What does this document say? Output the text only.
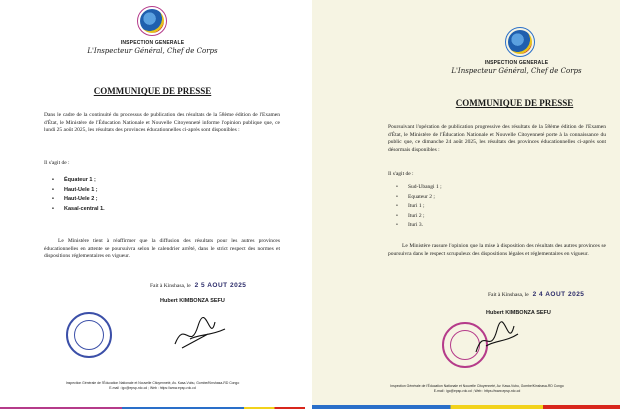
INSPECTION GENERALE
L'Inspecteur Général, Chef de Corps
COMMUNIQUE DE PRESSE
Dans le cadre de la continuité du processus de publication des résultats de la 58ème édition de l'Examen d'État, le Ministère de l'Éducation Nationale et Nouvelle Citoyenneté informe l'opinion publique que, ce lundi 25 août 2025, les résultats des provinces éducationnelles ci-après sont disponibles :
Il s'agit de :
• Équateur 1 ;
• Haut-Uele 1 ;
• Haut-Uele 2 ;
• Kasaï-central 1.
Le Ministère tient à réaffirmer que la diffusion des résultats pour les autres provinces éducationnelles en attente se poursuivra selon le calendrier arrêté, dans le strict respect des normes et dispositions réglementaires en vigueur.
Fait à Kinshasa, le 2 5 AOUT 2025
Hubert KIMBONZA SEFU
Inspection Générale de l'Éducation Nationale et Nouvelle Citoyenneté, Av. Kasa-Vubu, Gombe/Kinshasa-RD Congo
E-mail : igc@epsp-rdc.cd ; Web : https://www.epsp-rdc.cd
INSPECTION GENERALE
L'Inspecteur Général, Chef de Corps
COMMUNIQUE DE PRESSE
Poursuivant l'opération de publication progressive des résultats de la 58ème édition de l'Examen d'État, le Ministère de l'Éducation Nationale et Nouvelle Citoyenneté porte à la connaissance du public que, ce dimanche 24 août 2025, les résultats des provinces éducationnelles ci-après sont désormais disponibles :
Il s'agit de :
• Sud-Ubangi 1 ;
• Equateur 2 ;
• Ituri 1 ;
• Ituri 2 ;
• Ituri 3.
Le Ministère rassure l'opinion que la mise à disposition des résultats des autres provinces se poursuivra dans le respect scrupuleux des dispositions légales et réglementaires en vigueur.
Fait à Kinshasa, le 2 4 AOUT 2025
Hubert KIMBONZA SEFU
Inspection Générale de l'Éducation Nationale et Nouvelle Citoyenneté, Av. Kasa-Vubu, Gombe/Kinshasa-RD Congo
E-mail : igc@epsp-rdc.cd ; Web : https://www.epsp-rdc.cd
